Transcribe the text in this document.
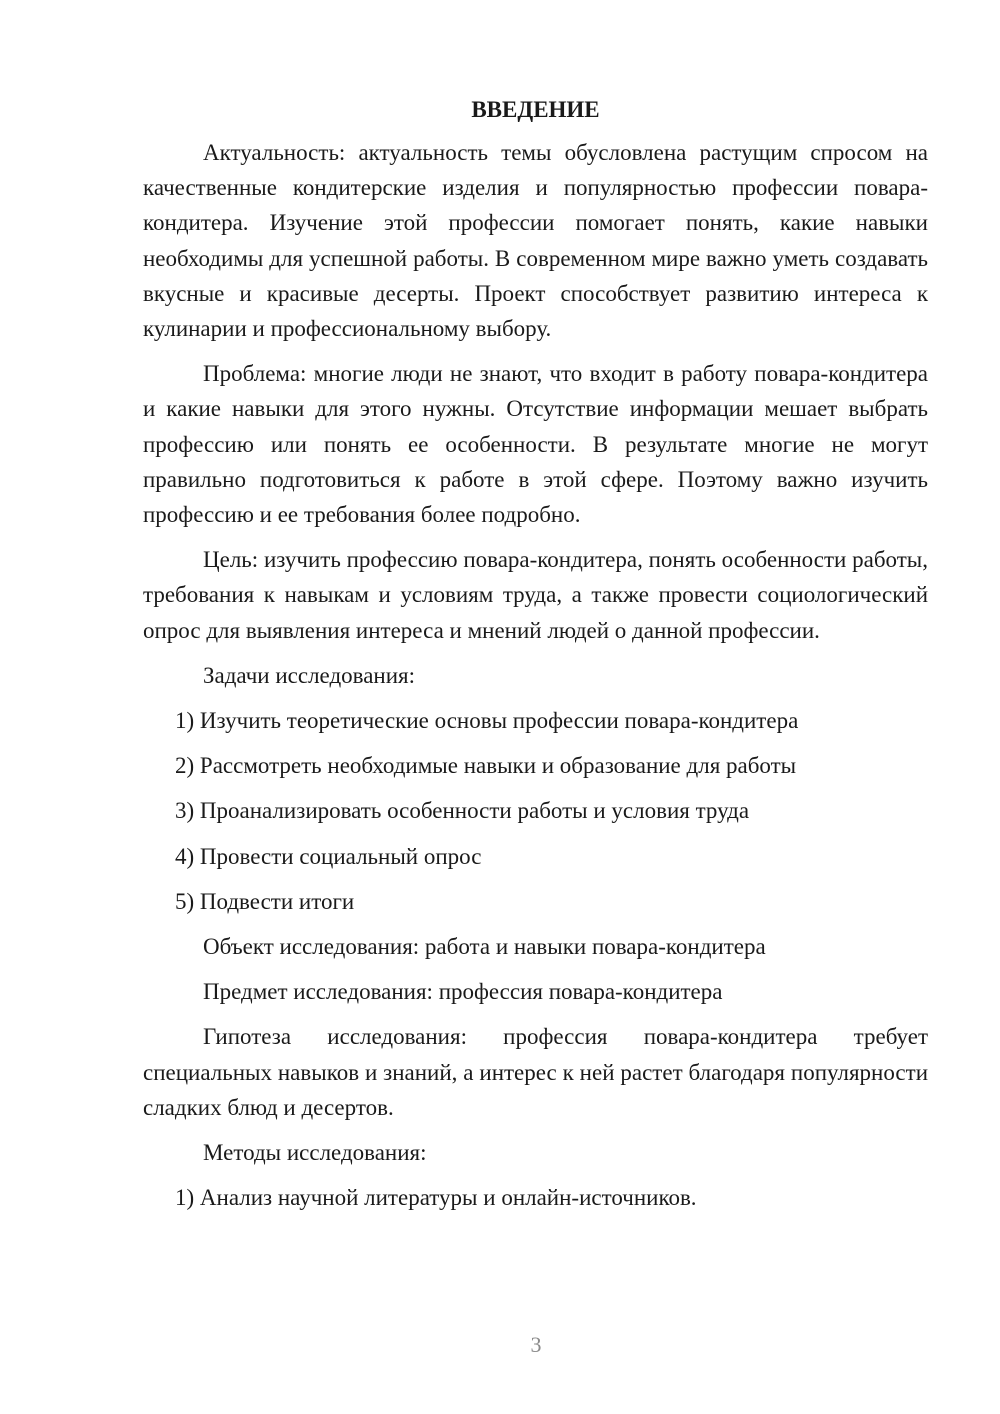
ВВЕДЕНИЕ
Актуальность: актуальность темы обусловлена растущим спросом на качественные кондитерские изделия и популярностью профессии повара-кондитера. Изучение этой профессии помогает понять, какие навыки необходимы для успешной работы. В современном мире важно уметь создавать вкусные и красивые десерты. Проект способствует развитию интереса к кулинарии и профессиональному выбору.
Проблема: многие люди не знают, что входит в работу повара-кондитера и какие навыки для этого нужны. Отсутствие информации мешает выбрать профессию или понять ее особенности. В результате многие не могут правильно подготовиться к работе в этой сфере. Поэтому важно изучить профессию и ее требования более подробно.
Цель: изучить профессию повара-кондитера, понять особенности работы, требования к навыкам и условиям труда, а также провести социологический опрос для выявления интереса и мнений людей о данной профессии.
Задачи исследования:
1) Изучить теоретические основы профессии повара-кондитера
2) Рассмотреть необходимые навыки и образование для работы
3) Проанализировать особенности работы и условия труда
4) Провести социальный опрос
5) Подвести итоги
Объект исследования: работа и навыки повара-кондитера
Предмет исследования: профессия повара-кондитера
Гипотеза исследования: профессия повара-кондитера требует специальных навыков и знаний, а интерес к ней растет благодаря популярности сладких блюд и десертов.
Методы исследования:
1) Анализ научной литературы и онлайн-источников.
3
